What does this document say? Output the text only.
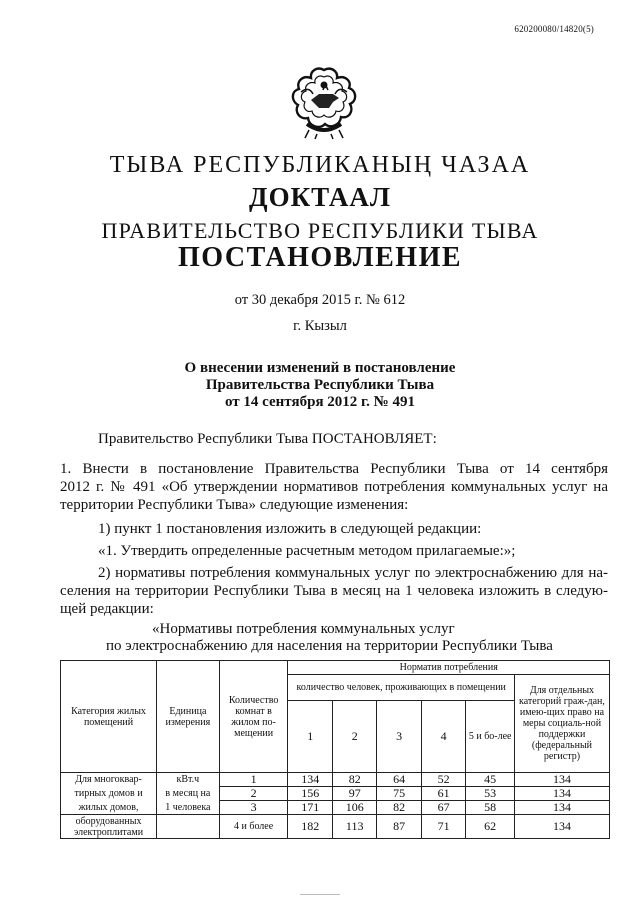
620200080/14820(5)
ТЫВА РЕСПУБЛИКАНЫҢ ЧАЗАА
ДОКТААЛ
ПРАВИТЕЛЬСТВО РЕСПУБЛИКИ ТЫВА
ПОСТАНОВЛЕНИЕ
от 30 декабря 2015 г. № 612
г. Кызыл
О внесении изменений в постановление
Правительства Республики Тыва
от 14 сентября 2012 г. № 491
Правительство Республики Тыва ПОСТАНОВЛЯЕТ:
1. Внести в постановление Правительства Республики Тыва от 14 сентября
2012 г. № 491 «Об утверждении нормативов потребления коммунальных услуг на
территории Республики Тыва» следующие изменения:
1) пункт 1 постановления изложить в следующей редакции:
«1. Утвердить определенные расчетным методом прилагаемые:»;
2) нормативы потребления коммунальных услуг по электроснабжению для на-
селения на территории Республики Тыва в месяц на 1 человека изложить в следую-
щей редакции:
«Нормативы потребления коммунальных услуг
по электроснабжению для населения на территории Республики Тыва
Категория жилых помещений	Единица измерения	Количество комнат в жилом по-мещении	Норматив потребления					
			количество человек, проживающих в помещении					Для отдельных категорий граж-дан, имею-щих право на меры социаль-ной поддержки (федеральный регистр)
			1	2	3	4	5 и бо-лее	
Для многоквар-	кВт.ч	1	134	82	64	52	45	134
тирных домов и	в месяц на	2	156	97	75	61	53	134
жилых домов,	1 человека	3	171	106	82	67	58	134
оборудованных электроплитами		4 и более	182	113	87	71	62	134
